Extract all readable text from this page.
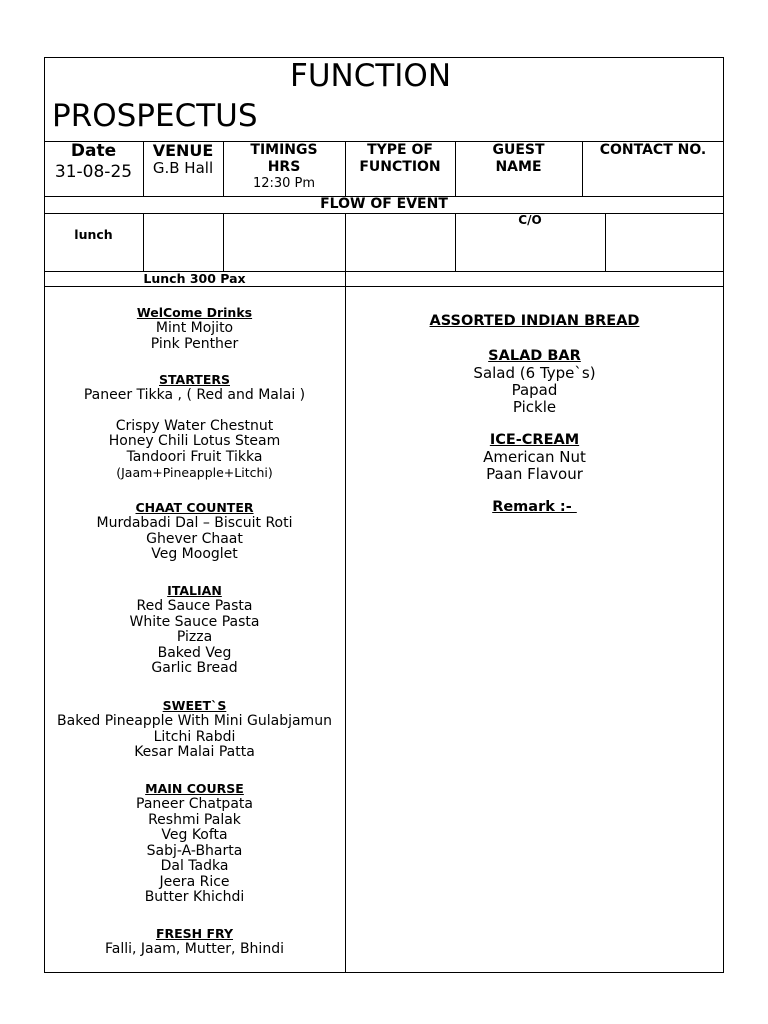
FUNCTION
PROSPECTUS
Date
31-08-25
VENUE
G.B Hall
TIMINGS
HRS
12:30 Pm
TYPE OF
FUNCTION
GUEST
NAME
CONTACT NO.
FLOW OF EVENT
lunch
C/O
Lunch 300 Pax
WelCome Drinks
Mint Mojito
Pink Penther
STARTERS
Paneer Tikka , ( Red and Malai )
Crispy Water Chestnut
Honey Chili Lotus Steam
Tandoori Fruit Tikka
(Jaam+Pineapple+Litchi)
CHAAT COUNTER
Murdabadi Dal – Biscuit Roti
Ghever Chaat
Veg Mooglet
ITALIAN
Red Sauce Pasta
White Sauce Pasta
Pizza
Baked Veg
Garlic Bread
SWEET`S
Baked Pineapple With Mini Gulabjamun
Litchi Rabdi
Kesar Malai Patta
MAIN COURSE
Paneer Chatpata
Reshmi Palak
Veg Kofta
Sabj-A-Bharta
Dal Tadka
Jeera Rice
Butter Khichdi
FRESH FRY
Falli, Jaam, Mutter, Bhindi
ASSORTED INDIAN BREAD
SALAD BAR
Salad (6 Type`s)
Papad
Pickle
ICE-CREAM
American Nut
Paan Flavour
Remark :-
